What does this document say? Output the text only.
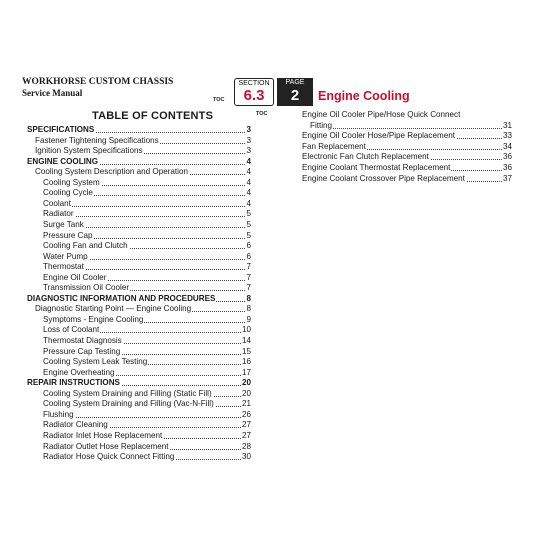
WORKHORSE CUSTOM CHASSIS
Service Manual
TOC
SECTION
6.3
PAGE
2	Engine Cooling
TOC
TABLE OF CONTENTS
SPECIFICATIONS	3
Fastener Tightening Specifications	3
Ignition System Specifications	3
ENGINE COOLING	4
Cooling System Description and Operation	4
Cooling System	4
Cooling Cycle	4
Coolant	4
Radiator	5
Surge Tank	5
Pressure Cap	5
Cooling Fan and Clutch	6
Water Pump	6
Thermostat	7
Engine Oil Cooler	7
Transmission Oil Cooler	7
DIAGNOSTIC INFORMATION AND PROCEDURES	8
Diagnostic Starting Point — Engine Cooling	8
Symptoms - Engine Cooling	9
Loss of Coolant	10
Thermostat Diagnosis	14
Pressure Cap Testing	15
Cooling System Leak Testing	16
Engine Overheating	17
REPAIR INSTRUCTIONS	20
Cooling System Draining and Filling (Static Fill)	20
Cooling System Draining and Filling (Vac-N-Fill)	21
Flushing	26
Radiator Cleaning	27
Radiator Inlet Hose Replacement	27
Radiator Outlet Hose Replacement	28
Radiator Hose Quick Connect Fitting	30
Engine Oil Cooler Pipe/Hose Quick Connect
Fitting	31
Engine Oil Cooler Hose/Pipe Replacement	33
Fan Replacement	34
Electronic Fan Clutch Replacement	36
Engine Coolant Thermostat Replacement	36
Engine Coolant Crossover Pipe Replacement	37
